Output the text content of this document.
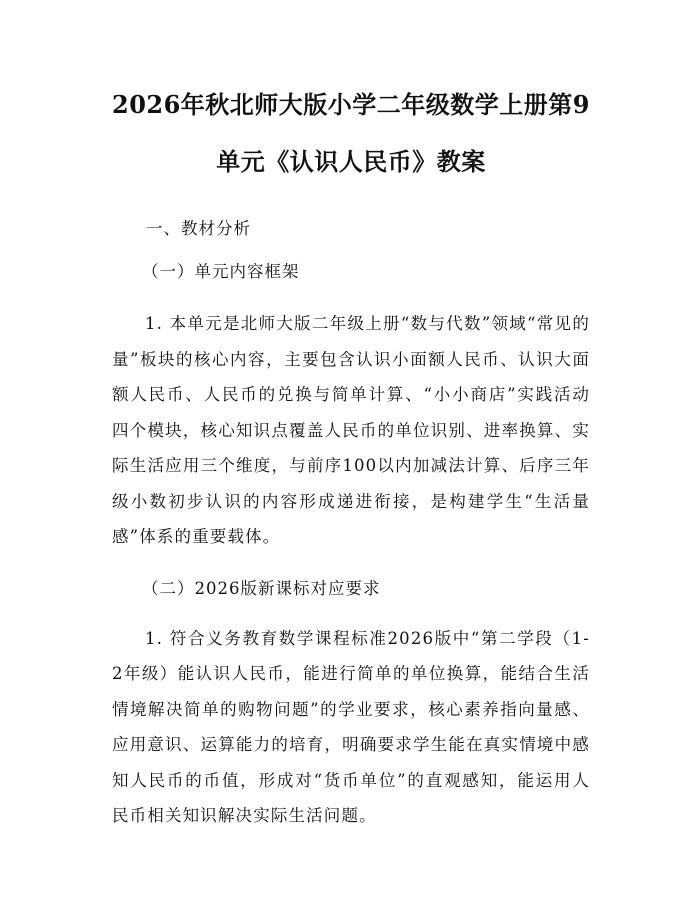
2026年秋北师大版小学二年级数学上册第9
单元《认识人民币》教案
一、教材分析
（一）单元内容框架

1. 本单元是北师大版二年级上册“数与代数”领域“常见的量”板块的核心内容，主要包含认识小面额人民币、认识大面额人民币、人民币的兑换与简单计算、“小小商店”实践活动四个模块，核心知识点覆盖人民币的单位识别、进率换算、实际生活应用三个维度，与前序100以内加减法计算、后序三年级小数初步认识的内容形成递进衔接，是构建学生“生活量感”体系的重要载体。

（二）2026版新课标对应要求

1. 符合义务教育数学课程标准2026版中“第二学段（1-2年级）能认识人民币，能进行简单的单位换算，能结合生活情境解决简单的购物问题”的学业要求，核心素养指向量感、应用意识、运算能力的培育，明确要求学生能在真实情境中感知人民币的币值，形成对“货币单位”的直观感知，能运用人民币相关知识解决实际生活问题。
